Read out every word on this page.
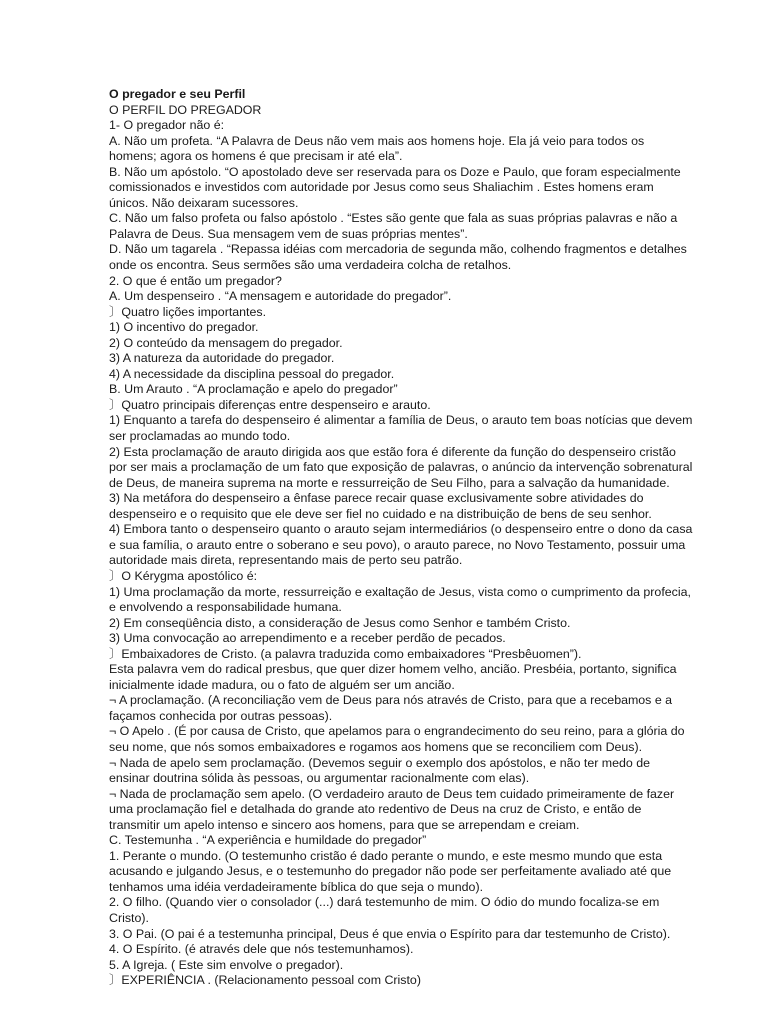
O pregador e seu Perfil
O PERFIL DO PREGADOR
1- O pregador não é:
A. Não um profeta. “A Palavra de Deus não vem mais aos homens hoje. Ela já veio para todos os
homens; agora os homens é que precisam ir até ela”.
B. Não um apóstolo. “O apostolado deve ser reservada para os Doze e Paulo, que foram especialmente
comissionados e investidos com autoridade por Jesus como seus Shaliachim . Estes homens eram
únicos. Não deixaram sucessores.
C. Não um falso profeta ou falso apóstolo . “Estes são gente que fala as suas próprias palavras e não a
Palavra de Deus. Sua mensagem vem de suas próprias mentes”.
D. Não um tagarela . “Repassa idéias com mercadoria de segunda mão, colhendo fragmentos e detalhes
onde os encontra. Seus sermões são uma verdadeira colcha de retalhos.
2. O que é então um pregador?
A. Um despenseiro . “A mensagem e autoridade do pregador”.
〕Quatro lições importantes.
1) O incentivo do pregador.
2) O conteúdo da mensagem do pregador.
3) A natureza da autoridade do pregador.
4) A necessidade da disciplina pessoal do pregador.
B. Um Arauto . “A proclamação e apelo do pregador”
〕Quatro principais diferenças entre despenseiro e arauto.
1) Enquanto a tarefa do despenseiro é alimentar a família de Deus, o arauto tem boas notícias que devem
ser proclamadas ao mundo todo.
2) Esta proclamação de arauto dirigida aos que estão fora é diferente da função do despenseiro cristão
por ser mais a proclamação de um fato que exposição de palavras, o anúncio da intervenção sobrenatural
de Deus, de maneira suprema na morte e ressurreição de Seu Filho, para a salvação da humanidade.
3) Na metáfora do despenseiro a ênfase parece recair quase exclusivamente sobre atividades do
despenseiro e o requisito que ele deve ser fiel no cuidado e na distribuição de bens de seu senhor.
4) Embora tanto o despenseiro quanto o arauto sejam intermediários (o despenseiro entre o dono da casa
e sua família, o arauto entre o soberano e seu povo), o arauto parece, no Novo Testamento, possuir uma
autoridade mais direta, representando mais de perto seu patrão.
〕O Kérygma apostólico é:
1) Uma proclamação da morte, ressurreição e exaltação de Jesus, vista como o cumprimento da profecia,
e envolvendo a responsabilidade humana.
2) Em conseqüência disto, a consideração de Jesus como Senhor e também Cristo.
3) Uma convocação ao arrependimento e a receber perdão de pecados.
〕Embaixadores de Cristo. (a palavra traduzida como embaixadores “Presbêuomen”).
Esta palavra vem do radical presbus, que quer dizer homem velho, ancião. Presbéia, portanto, significa
inicialmente idade madura, ou o fato de alguém ser um ancião.
¬ A proclamação. (A reconciliação vem de Deus para nós através de Cristo, para que a recebamos e a
façamos conhecida por outras pessoas).
¬ O Apelo . (É por causa de Cristo, que apelamos para o engrandecimento do seu reino, para a glória do
seu nome, que nós somos embaixadores e rogamos aos homens que se reconciliem com Deus).
¬ Nada de apelo sem proclamação. (Devemos seguir o exemplo dos apóstolos, e não ter medo de
ensinar doutrina sólida às pessoas, ou argumentar racionalmente com elas).
¬ Nada de proclamação sem apelo. (O verdadeiro arauto de Deus tem cuidado primeiramente de fazer
uma proclamação fiel e detalhada do grande ato redentivo de Deus na cruz de Cristo, e então de
transmitir um apelo intenso e sincero aos homens, para que se arrependam e creiam.
C. Testemunha . “A experiência e humildade do pregador”
1. Perante o mundo. (O testemunho cristão é dado perante o mundo, e este mesmo mundo que esta
acusando e julgando Jesus, e o testemunho do pregador não pode ser perfeitamente avaliado até que
tenhamos uma idéia verdadeiramente bíblica do que seja o mundo).
2. O filho. (Quando vier o consolador (...) dará testemunho de mim. O ódio do mundo focaliza-se em
Cristo).
3. O Pai. (O pai é a testemunha principal, Deus é que envia o Espírito para dar testemunho de Cristo).
4. O Espírito. (é através dele que nós testemunhamos).
5. A Igreja. ( Este sim envolve o pregador).
〕EXPERIÊNCIA . (Relacionamento pessoal com Cristo)
